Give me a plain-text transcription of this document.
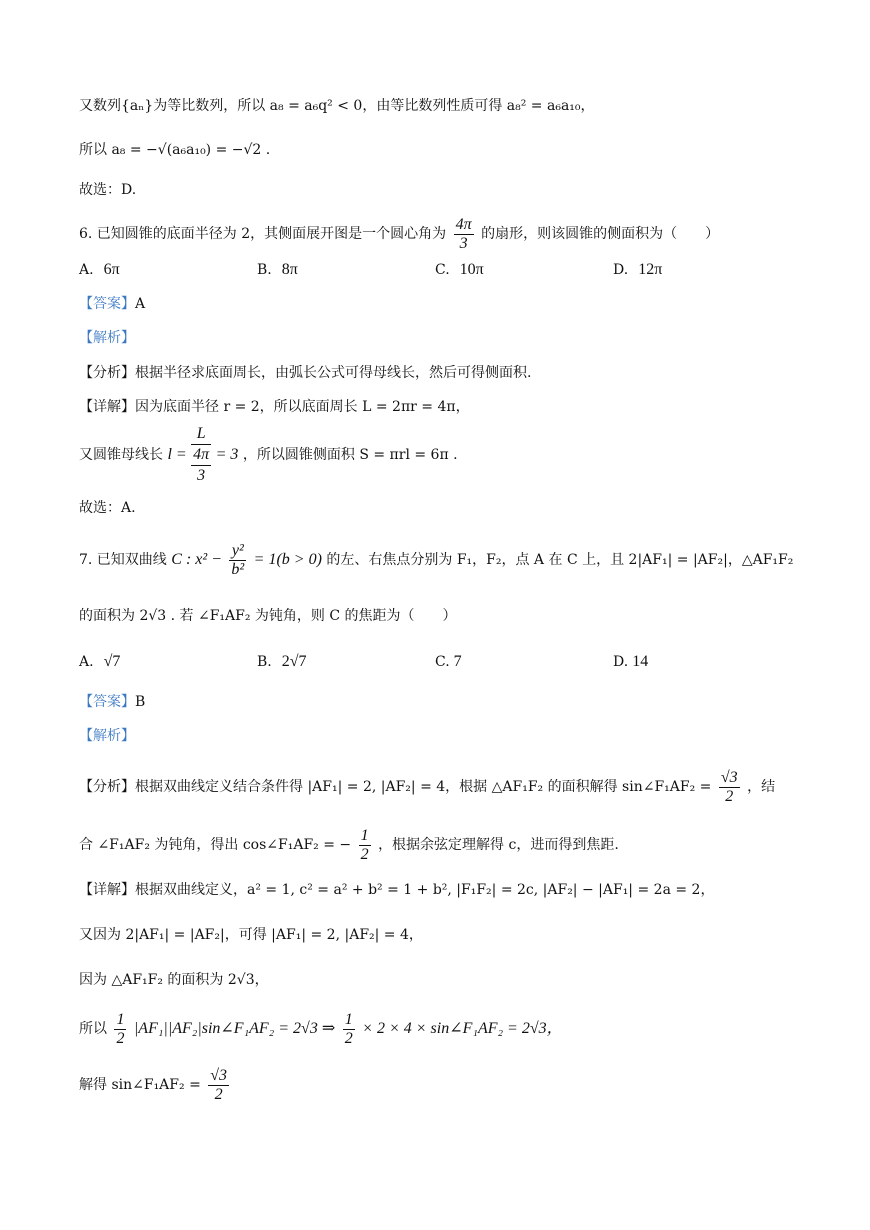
又数列{aₙ}为等比数列，所以 a₈ = a₆q² < 0，由等比数列性质可得 a₈² = a₆a₁₀，
所以 a₈ = −√(a₆a₁₀) = −√2 .
故选：D.
6. 已知圆锥的底面半径为 2，其侧面展开图是一个圆心角为 $\frac{4\pi}{3}$ 的扇形，则该圆锥的侧面积为（　　）
A. 6π	B. 8π	C. 10π	D. 12π
【答案】A
【解析】
【分析】根据半径求底面周长，由弧长公式可得母线长，然后可得侧面积.
【详解】因为底面半径 r = 2，所以底面周长 L = 2πr = 4π，
又圆锥母线长 $l = \frac{L}{\frac{4\pi}{3}} = 3$ ，所以圆锥侧面积 S = πrl = 6π .
故选：A.
7. 已知双曲线 C : $x^2 - \frac{\text{y²}}{\text{b²}} = 1(b > 0)$ 的左、右焦点分别为 F₁，F₂，点 A 在 C 上，且 2|AF₁| = |AF₂|，△AF₁F₂
的面积为 2√3 . 若 ∠F₁AF₂ 为钝角，则 C 的焦距为（　　）
A. √7	B. 2√7	C. 7	D. 14
【答案】B
【解析】
【分析】根据双曲线定义结合条件得 |AF₁| = 2, |AF₂| = 4，根据 △AF₁F₂ 的面积解得 sin∠F₁AF₂ = $\frac{√3}{2}$ ，结
合 ∠F₁AF₂ 为钝角，得出 cos∠F₁AF₂ = − $\frac{1}{2}$ ，根据余弦定理解得 c，进而得到焦距.
【详解】根据双曲线定义，a² = 1, c² = a² + b² = 1 + b², |F₁F₂| = 2c, |AF₂| − |AF₁| = 2a = 2，
又因为 2|AF₁| = |AF₂|，可得 |AF₁| = 2, |AF₂| = 4，
因为 △AF₁F₂ 的面积为 2√3，
所以 $\frac{1}{2}$ |AF₁||AF₂|sin∠F₁AF₂ = 2√3 ⇒ $\frac{1}{2} \times 2 \times 4$ × sin∠F₁AF₂ = 2√3，
解得 sin∠F₁AF₂ = $\frac{√3}{2}$
